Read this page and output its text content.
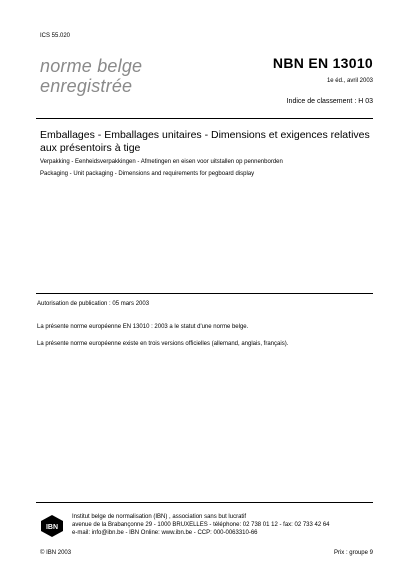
ICS 55.020
norme belge
enregistrée
NBN EN 13010
1e éd., avril 2003
Indice de classement : H 03
Emballages - Emballages unitaires - Dimensions et exigences relatives
aux présentoirs à tige
Verpakking - Eenheidsverpakkingen - Afmetingen en eisen voor uitstallen op pennenborden
Packaging - Unit packaging - Dimensions and requirements for pegboard display
Autorisation de publication : 05 mars 2003
La présente norme européenne EN 13010 : 2003 a le statut d'une norme belge.
La présente norme européenne existe en trois versions officielles (allemand, anglais, français).
IBN
Institut belge de normalisation (IBN) , association sans but lucratif
avenue de la Brabançonne 29 - 1000 BRUXELLES - téléphone: 02 738 01 12 - fax: 02 733 42 64
e-mail: info@ibn.be - IBN Online: www.ibn.be - CCP: 000-0063310-66
© IBN 2003	Prix : groupe 9
